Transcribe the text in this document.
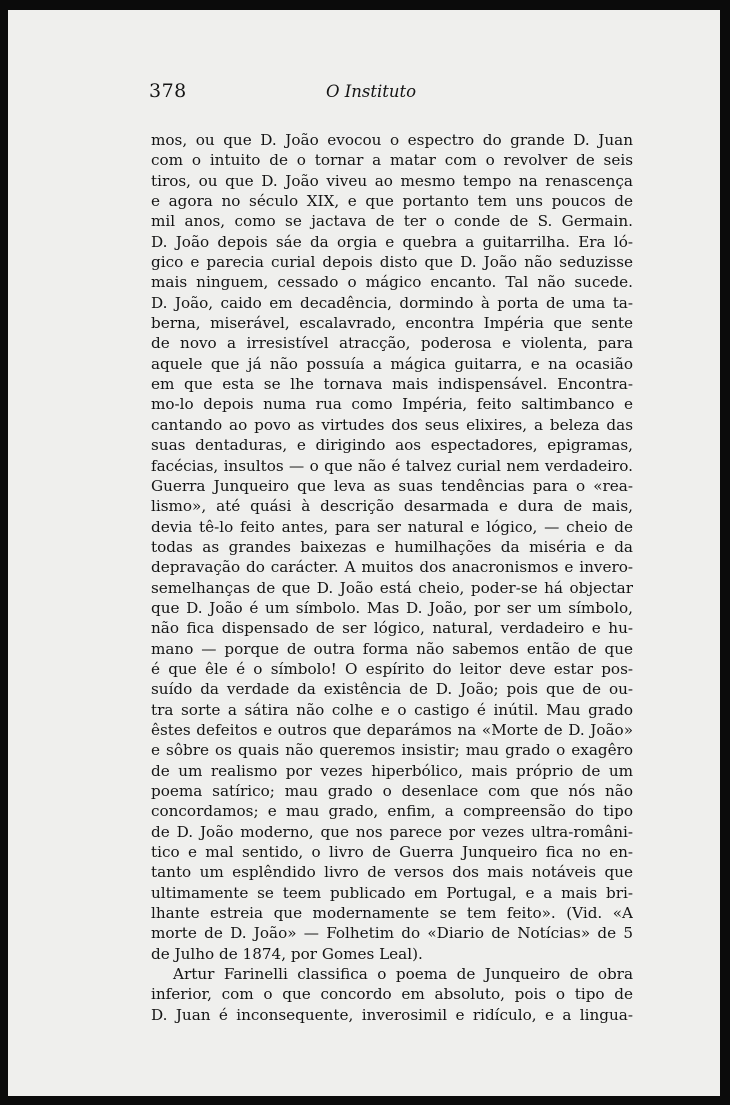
378	O Instituto
mos, ou que D. João evocou o espectro do grande D. Juan
com o intuito de o tornar a matar com o revolver de seis
tiros, ou que D. João viveu ao mesmo tempo na renascença
e agora no século XIX, e que portanto tem uns poucos de
mil anos, como se jactava de ter o conde de S. Germain.
D. João depois sáe da orgia e quebra a guitarrilha. Era ló-
gico e parecia curial depois disto que D. João não seduzisse
mais ninguem, cessado o mágico encanto. Tal não sucede.
D. João, caido em decadência, dormindo à porta de uma ta-
berna, miserável, escalavrado, encontra Impéria que sente
de novo a irresistível atracção, poderosa e violenta, para
aquele que já não possuía a mágica guitarra, e na ocasião
em que esta se lhe tornava mais indispensável. Encontra-
mo-lo depois numa rua como Impéria, feito saltimbanco e
cantando ao povo as virtudes dos seus elixires, a beleza das
suas dentaduras, e dirigindo aos espectadores, epigramas,
facécias, insultos — o que não é talvez curial nem verdadeiro.
Guerra Junqueiro que leva as suas tendências para o «rea-
lismo», até quási à descrição desarmada e dura de mais,
devia tê-lo feito antes, para ser natural e lógico, — cheio de
todas as grandes baixezas e humilhações da miséria e da
depravação do carácter. A muitos dos anacronismos e invero-
semelhanças de que D. João está cheio, poder-se há objectar
que D. João é um símbolo. Mas D. João, por ser um símbolo,
não fica dispensado de ser lógico, natural, verdadeiro e hu-
mano — porque de outra forma não sabemos então de que
é que êle é o símbolo! O espírito do leitor deve estar pos-
suído da verdade da existência de D. João; pois que de ou-
tra sorte a sátira não colhe e o castigo é inútil. Mau grado
êstes defeitos e outros que deparámos na «Morte de D. João»
e sôbre os quais não queremos insistir; mau grado o exagêro
de um realismo por vezes hiperbólico, mais próprio de um
poema satírico; mau grado o desenlace com que nós não
concordamos; e mau grado, enfim, a compreensão do tipo
de D. João moderno, que nos parece por vezes ultra-români-
tico e mal sentido, o livro de Guerra Junqueiro fica no en-
tanto um esplêndido livro de versos dos mais notáveis que
ultimamente se teem publicado em Portugal, e a mais bri-
lhante estreia que modernamente se tem feito». (Vid. «A
morte de D. João» — Folhetim do «Diario de Notícias» de 5
de Julho de 1874, por Gomes Leal).
Artur Farinelli classifica o poema de Junqueiro de obra
inferior, com o que concordo em absoluto, pois o tipo de
D. Juan é inconsequente, inverosimil e ridículo, e a lingua-
